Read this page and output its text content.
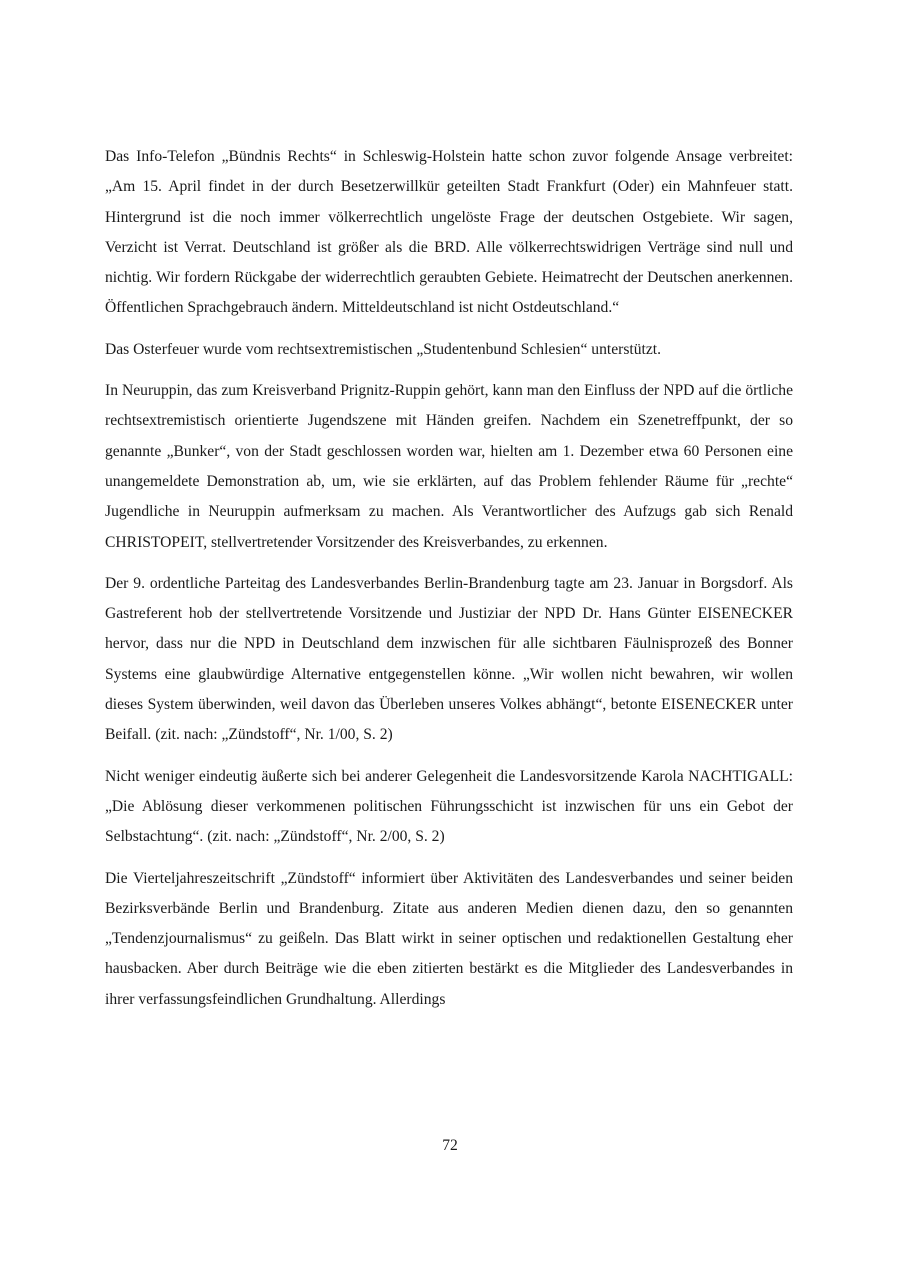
Das Info-Telefon „Bündnis Rechts“ in Schleswig-Holstein hatte schon zuvor folgende Ansage verbreitet: „Am 15. April findet in der durch Besetzerwillkür geteilten Stadt Frankfurt (Oder) ein Mahnfeuer statt. Hintergrund ist die noch immer völkerrechtlich ungelöste Frage der deutschen Ostgebiete. Wir sagen, Verzicht ist Verrat. Deutschland ist größer als die BRD. Alle völkerrechtswidrigen Verträge sind null und nichtig. Wir fordern Rückgabe der widerrechtlich geraubten Gebiete. Heimatrecht der Deutschen anerkennen. Öffentlichen Sprachgebrauch ändern. Mitteldeutschland ist nicht Ostdeutschland.“

Das Osterfeuer wurde vom rechtsextremistischen „Studentenbund Schlesien“ unterstützt.

In Neuruppin, das zum Kreisverband Prignitz-Ruppin gehört, kann man den Einfluss der NPD auf die örtliche rechtsextremistisch orientierte Jugendszene mit Händen greifen. Nachdem ein Szenetreffpunkt, der so genannte „Bunker“, von der Stadt geschlossen worden war, hielten am 1. Dezember etwa 60 Personen eine unangemeldete Demonstration ab, um, wie sie erklärten, auf das Problem fehlender Räume für „rechte“ Jugendliche in Neuruppin aufmerksam zu machen. Als Verantwortlicher des Aufzugs gab sich Renald CHRISTOPEIT, stellvertretender Vorsitzender des Kreisverbandes, zu erkennen.

Der 9. ordentliche Parteitag des Landesverbandes Berlin-Brandenburg tagte am 23. Januar in Borgsdorf. Als Gastreferent hob der stellvertretende Vorsitzende und Justiziar der NPD Dr. Hans Günter EISENECKER hervor, dass nur die NPD in Deutschland dem inzwischen für alle sichtbaren Fäulnisprozeß des Bonner Systems eine glaubwürdige Alternative entgegenstellen könne. „Wir wollen nicht bewahren, wir wollen dieses System überwinden, weil davon das Überleben unseres Volkes abhängt“, betonte EISENECKER unter Beifall. (zit. nach: „Zündstoff“, Nr. 1/00, S. 2)

Nicht weniger eindeutig äußerte sich bei anderer Gelegenheit die Landesvorsitzende Karola NACHTIGALL: „Die Ablösung dieser verkommenen politischen Führungsschicht ist inzwischen für uns ein Gebot der Selbstachtung“. (zit. nach: „Zündstoff“, Nr. 2/00, S. 2)

Die Vierteljahreszeitschrift „Zündstoff“ informiert über Aktivitäten des Landesverbandes und seiner beiden Bezirksverbände Berlin und Brandenburg. Zitate aus anderen Medien dienen dazu, den so genannten „Tendenzjournalismus“ zu geißeln. Das Blatt wirkt in seiner optischen und redaktionellen Gestaltung eher hausbacken. Aber durch Beiträge wie die eben zitierten bestärkt es die Mitglieder des Landesverbandes in ihrer verfassungsfeindlichen Grundhaltung. Allerdings

72
